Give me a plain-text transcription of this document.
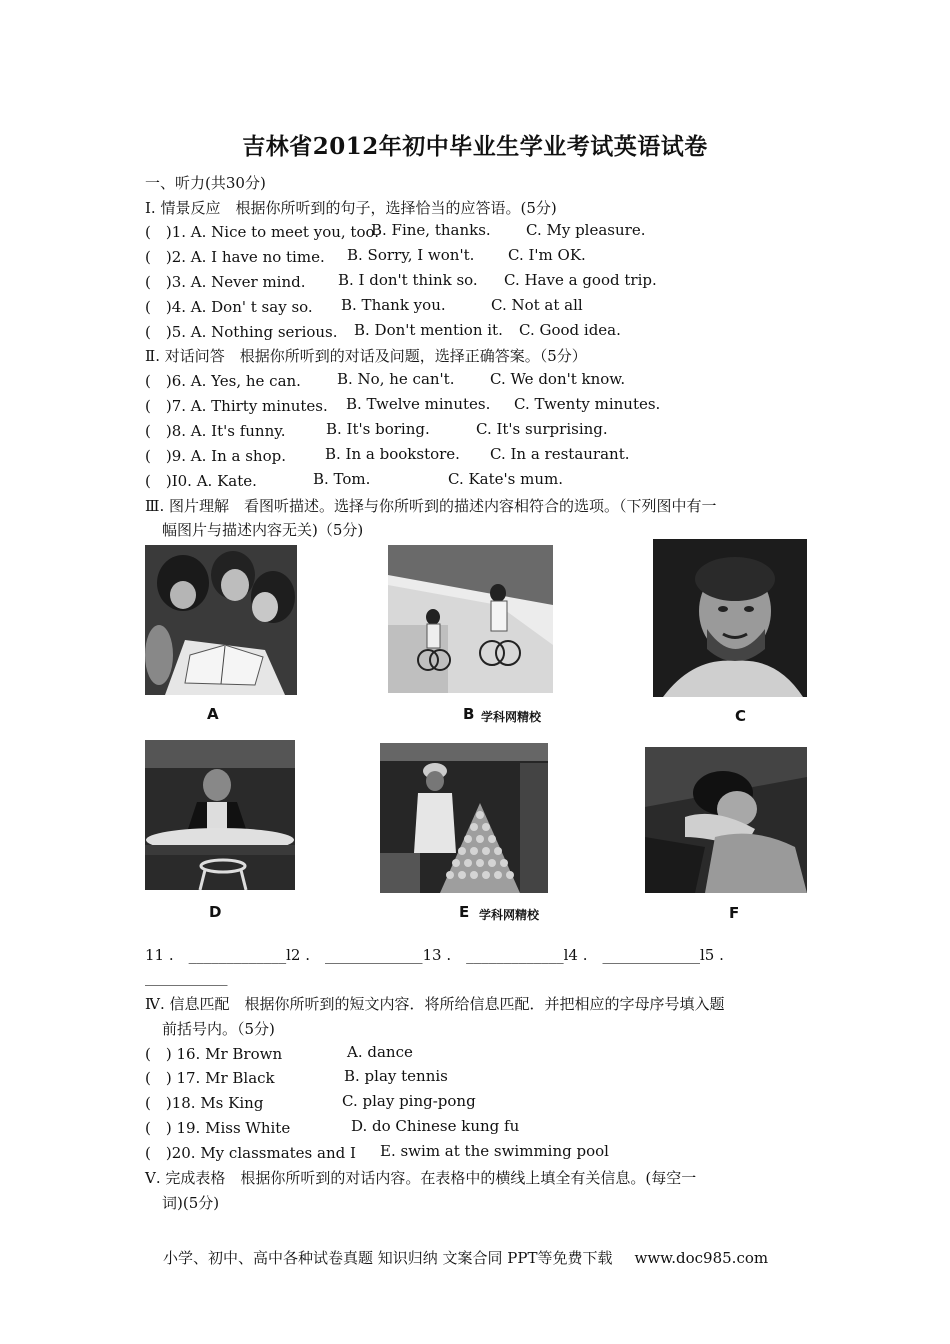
吉林省2012年初中毕业生学业考试英语试卷
一、听力(共30分)
Ⅰ. 情景反应　根据你所听到的句子，选择恰当的应答语。(5分)
(　)1. A. Nice to meet you, too.
B. Fine, thanks. C. My pleasure.
(　)2. A. I have no time. B. Sorry, I won't. C. I'm OK.
(　)3. A. Never mind. B. I don't think so. C. Have a good trip.
(　)4. A. Don' t say so. B. Thank you.	C. Not at all
(　)5. A. Nothing serious. B. Don't mention it. C. Good idea.
Ⅱ. 对话问答　根据你所听到的对话及问题，选择正确答案。（5分）
(　)6. A. Yes, he can. B. No, he can't. C. We don't know.
(　)7. A. Thirty minutes. B. Twelve minutes. C. Twenty minutes.
(　)8. A. It's funny.	B. It's boring.	C. It's surprising.
(　)9. A. In a shop.	B. In a bookstore. C. In a restaurant.
(　)I0. A. Kate.	B. Tom.	C. Kate's mum.
Ⅲ. 图片理解　看图听描述。选择与你所听到的描述内容相符合的选项。（下列图中有一
幅图片与描述内容无关)（5分)
A	B 学科网精校	C
D	E 学科网精校	F
11 .　_____________l2 .　_____________13 .　_____________l4 .　_____________l5 .
___________
Ⅳ. 信息匹配　根据你所听到的短文内容．将所给信息匹配．并把相应的字母序号填入题
前括号内。（5分)
(　) 16. Mr Brown	A. dance
(　) 17. Mr Black	B. play tennis
(　)18. Ms King	C. play ping-pong
(　) 19. Miss White	D. do Chinese kung fu
(　)20. My classmates and I E. swim at the swimming pool
Ⅴ. 完成表格　根据你所听到的对话内容。在表格中的横线上填全有关信息。(每空一
词)(5分)
小学、初中、高中各种试卷真题 知识归纳 文案合同 PPT等免费下载 www.doc985.com
